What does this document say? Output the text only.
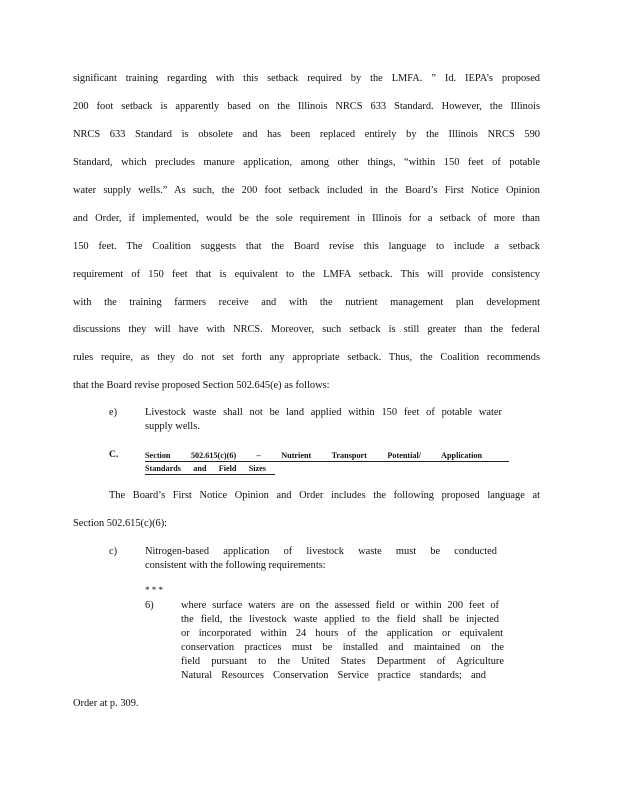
significant training regarding with this setback required by the LMFA. ” Id. IEPA’s proposed
200 foot setback is apparently based on the Illinois NRCS 633 Standard. However, the Illinois
NRCS 633 Standard is obsolete and has been replaced entirely by the Illinois NRCS 590
Standard, which precludes manure application, among other things, “within 150 feet of potable
water supply wells.” As such, the 200 foot setback included in the Board’s First Notice Opinion
and Order, if implemented, would be the sole requirement in Illinois for a setback of more than
150 feet. The Coalition suggests that the Board revise this language to include a setback
requirement of 150 feet that is equivalent to the LMFA setback. This will provide consistency
with the training farmers receive and with the nutrient management plan development
discussions they will have with NRCS. Moreover, such setback is still greater than the federal
rules require, as they do not set forth any appropriate setback. Thus, the Coalition recommends
that the Board revise proposed Section 502.645(e) as follows:
e)	Livestock waste shall not be land applied within 150 feet of potable water
supply wells.
C.	Section 502.615(c)(6) – Nutrient Transport Potential/ Application
Standards and Field Sizes
The Board’s First Notice Opinion and Order includes the following proposed language at
Section 502.615(c)(6):
c)	Nitrogen-based application of livestock waste must be conducted
consistent with the following requirements:
* * *
6)	where surface waters are on the assessed field or within 200 feet of
the field, the livestock waste applied to the field shall be injected
or incorporated within 24 hours of the application or equivalent
conservation practices must be installed and maintained on the
field pursuant to the United States Department of Agriculture
Natural Resources Conservation Service practice standards; and
Order at p. 309.
